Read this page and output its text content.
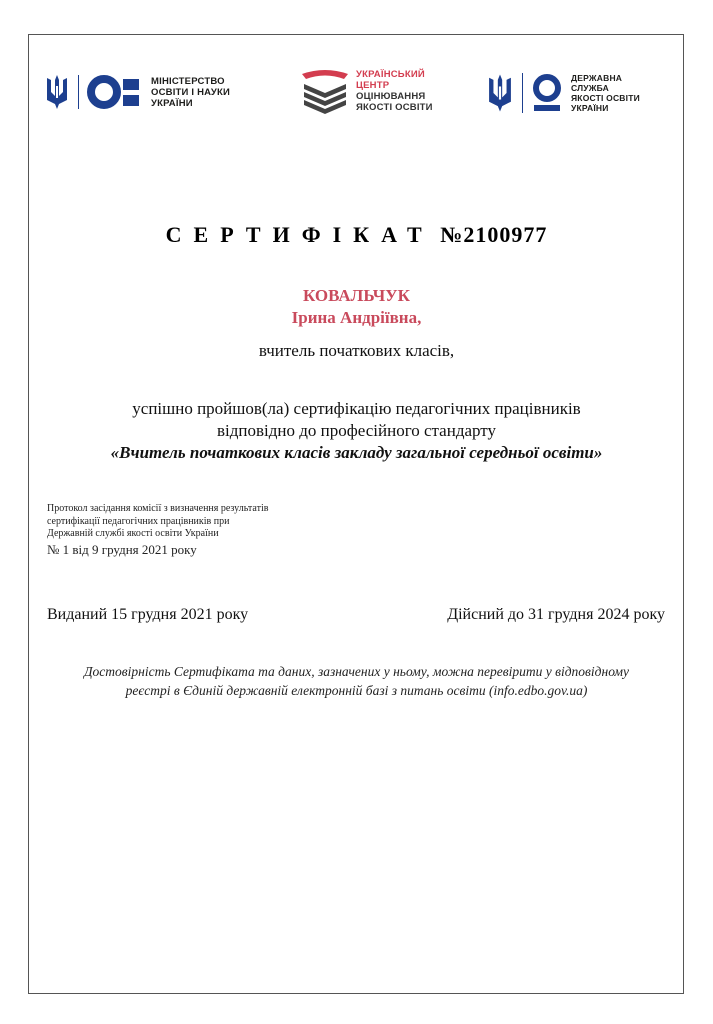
МІНІСТЕРСТВО
ОСВІТИ І НАУКИ
УКРАЇНИ
УКРАЇНСЬКИЙ
ЦЕНТР
ОЦІНЮВАННЯ
ЯКОСТІ ОСВІТИ
ДЕРЖАВНА
СЛУЖБА
ЯКОСТІ ОСВІТИ
УКРАЇНИ
СЕРТИФІКАТ №2100977
КОВАЛЬЧУК
Ірина Андріївна,
вчитель початкових класів,
успішно пройшов(ла) сертифікацію педагогічних працівників
відповідно до професійного стандарту
«Вчитель початкових класів закладу загальної середньої освіти»
Протокол засідання комісії з визначення результатів
сертифікації педагогічних працівників при
Державній службі якості освіти України
№ 1 від 9 грудня 2021 року
Виданий 15 грудня 2021 року	Дійсний до 31 грудня 2024 року
Достовірність Сертифіката та даних, зазначених у ньому, можна перевірити у відповідному
реєстрі в Єдиній державній електронній базі з питань освіти (info.edbo.gov.ua)
